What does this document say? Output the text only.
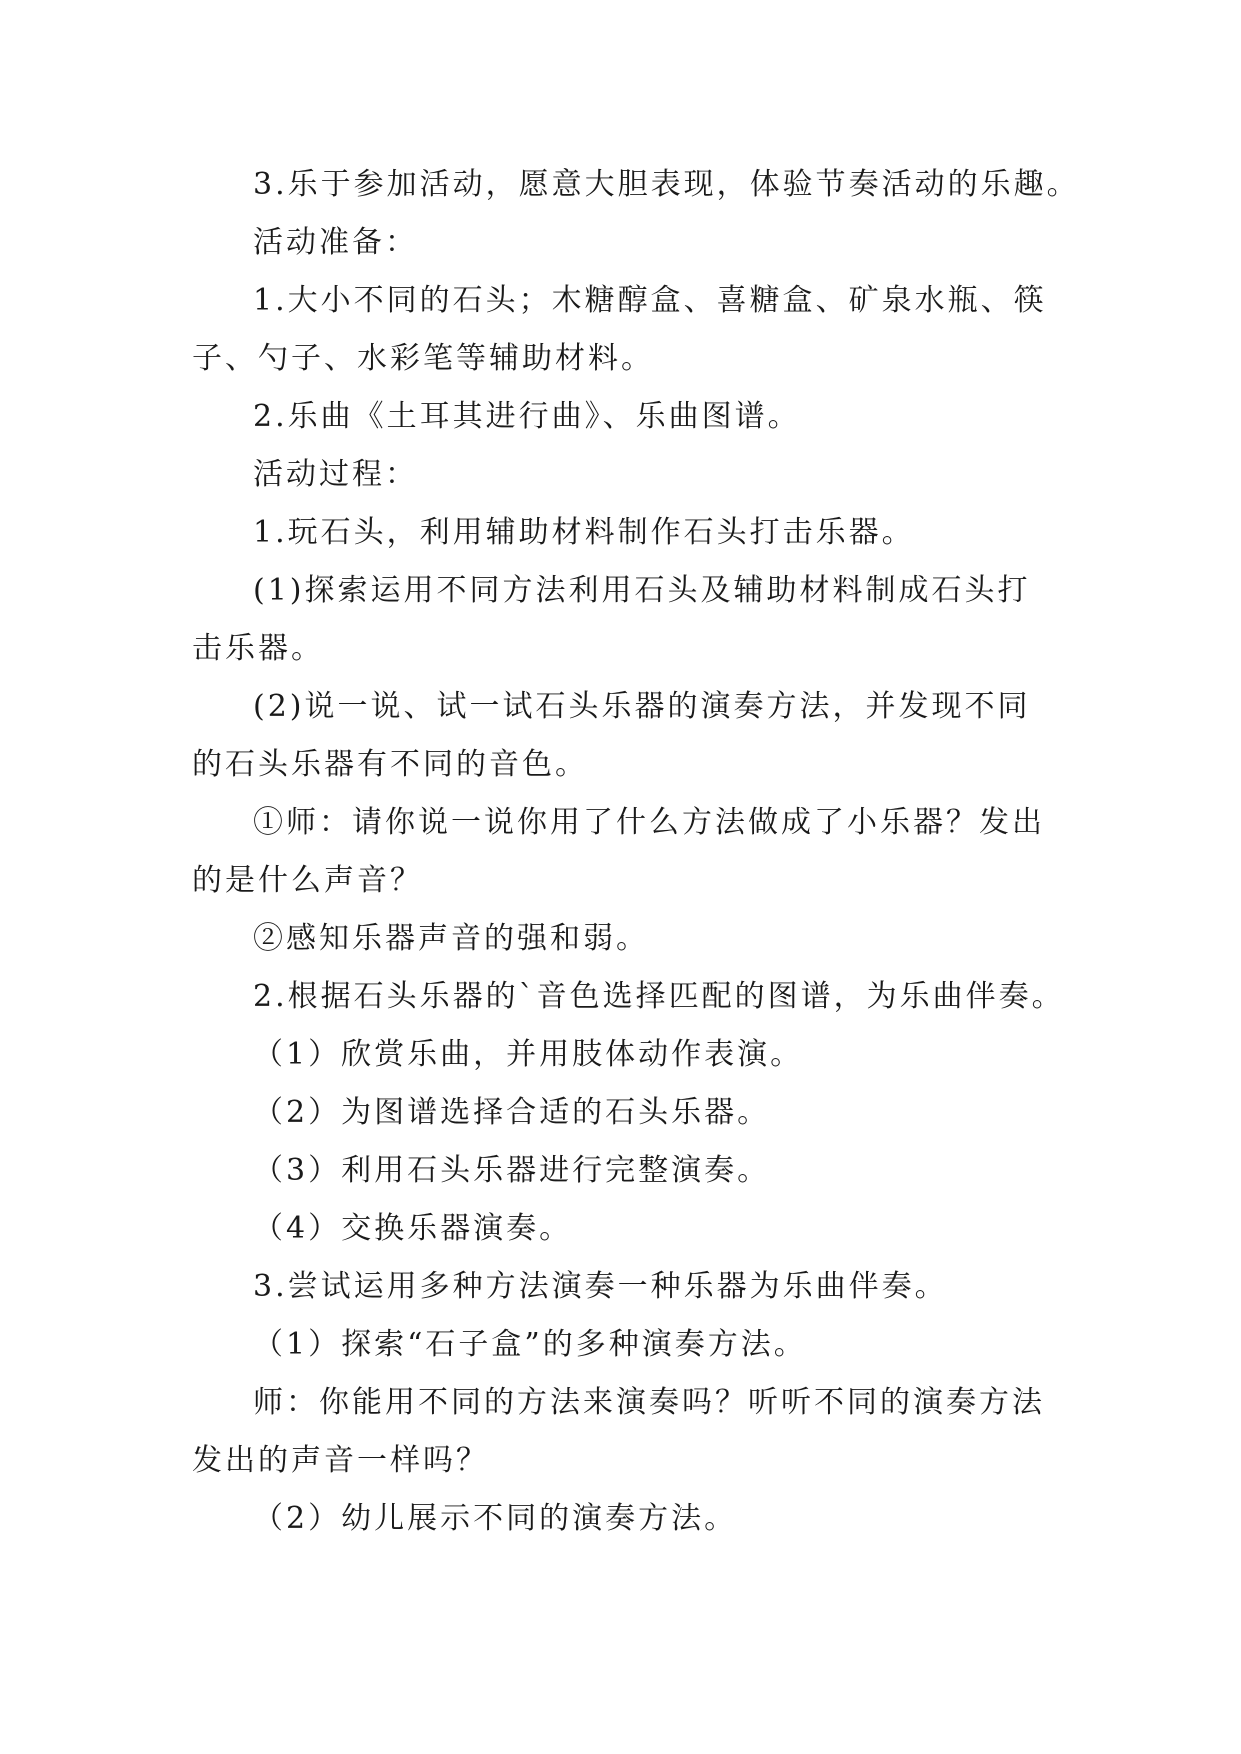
3.乐于参加活动，愿意大胆表现，体验节奏活动的乐趣。
活动准备：
1.大小不同的石头；木糖醇盒、喜糖盒、矿泉水瓶、筷
子、勺子、水彩笔等辅助材料。
2.乐曲《土耳其进行曲》、乐曲图谱。
活动过程：
1.玩石头，利用辅助材料制作石头打击乐器。
(1)探索运用不同方法利用石头及辅助材料制成石头打
击乐器。
(2)说一说、试一试石头乐器的演奏方法，并发现不同
的石头乐器有不同的音色。
①师：请你说一说你用了什么方法做成了小乐器？发出
的是什么声音？
②感知乐器声音的强和弱。
2.根据石头乐器的`音色选择匹配的图谱，为乐曲伴奏。
（1）欣赏乐曲，并用肢体动作表演。
（2）为图谱选择合适的石头乐器。
（3）利用石头乐器进行完整演奏。
（4）交换乐器演奏。
3.尝试运用多种方法演奏一种乐器为乐曲伴奏。
（1）探索“石子盒”的多种演奏方法。
师：你能用不同的方法来演奏吗？听听不同的演奏方法
发出的声音一样吗？
（2）幼儿展示不同的演奏方法。
